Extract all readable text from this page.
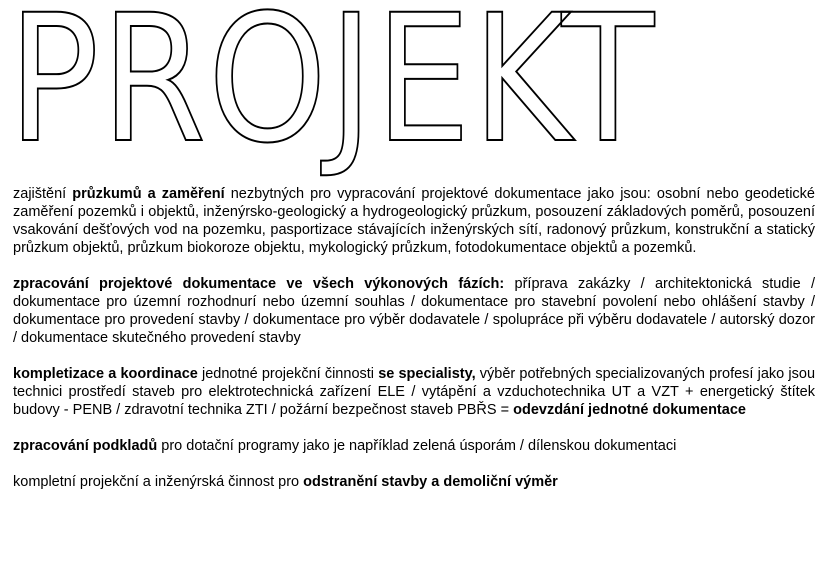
PROJEKT

zajištění průzkumů a zaměření nezbytných pro vypracování projektové dokumentace jako jsou: osobní nebo geodetické zaměření pozemků i objektů, inženýrsko-geologický a hydrogeologický průzkum, posouzení základových poměrů, posouzení vsakování dešťových vod na pozemku, pasportizace stávajících inženýrských sítí, radonový průzkum, konstrukční a statický průzkum objektů, průzkum biokoroze objektu, mykologický průzkum, fotodokumentace objektů a pozemků.

zpracování projektové dokumentace ve všech výkonových fázích: příprava zakázky / architektonická studie / dokumentace pro územní rozhodnurí nebo územní souhlas / dokumentace pro stavební povolení nebo ohlášení stavby / dokumentace pro provedení stavby / dokumentace pro výběr dodavatele / spolupráce při výběru dodavatele / autorský dozor / dokumentace skutečného provedení stavby

kompletizace a koordinace jednotné projekční činnosti se specialisty, výběr potřebných specializovaných profesí jako jsou technici prostředí staveb pro elektrotechnická zařízení ELE / vytápění a vzduchotechnika UT a VZT + energetický štítek budovy - PENB / zdravotní technika ZTI / požární bezpečnost staveb PBŘS = odevzdání jednotné dokumentace

zpracování podkladů pro dotační programy jako je například zelená úsporám / dílenskou dokumentaci

kompletní projekční a inženýrská činnost pro odstranění stavby a demoliční výměr
